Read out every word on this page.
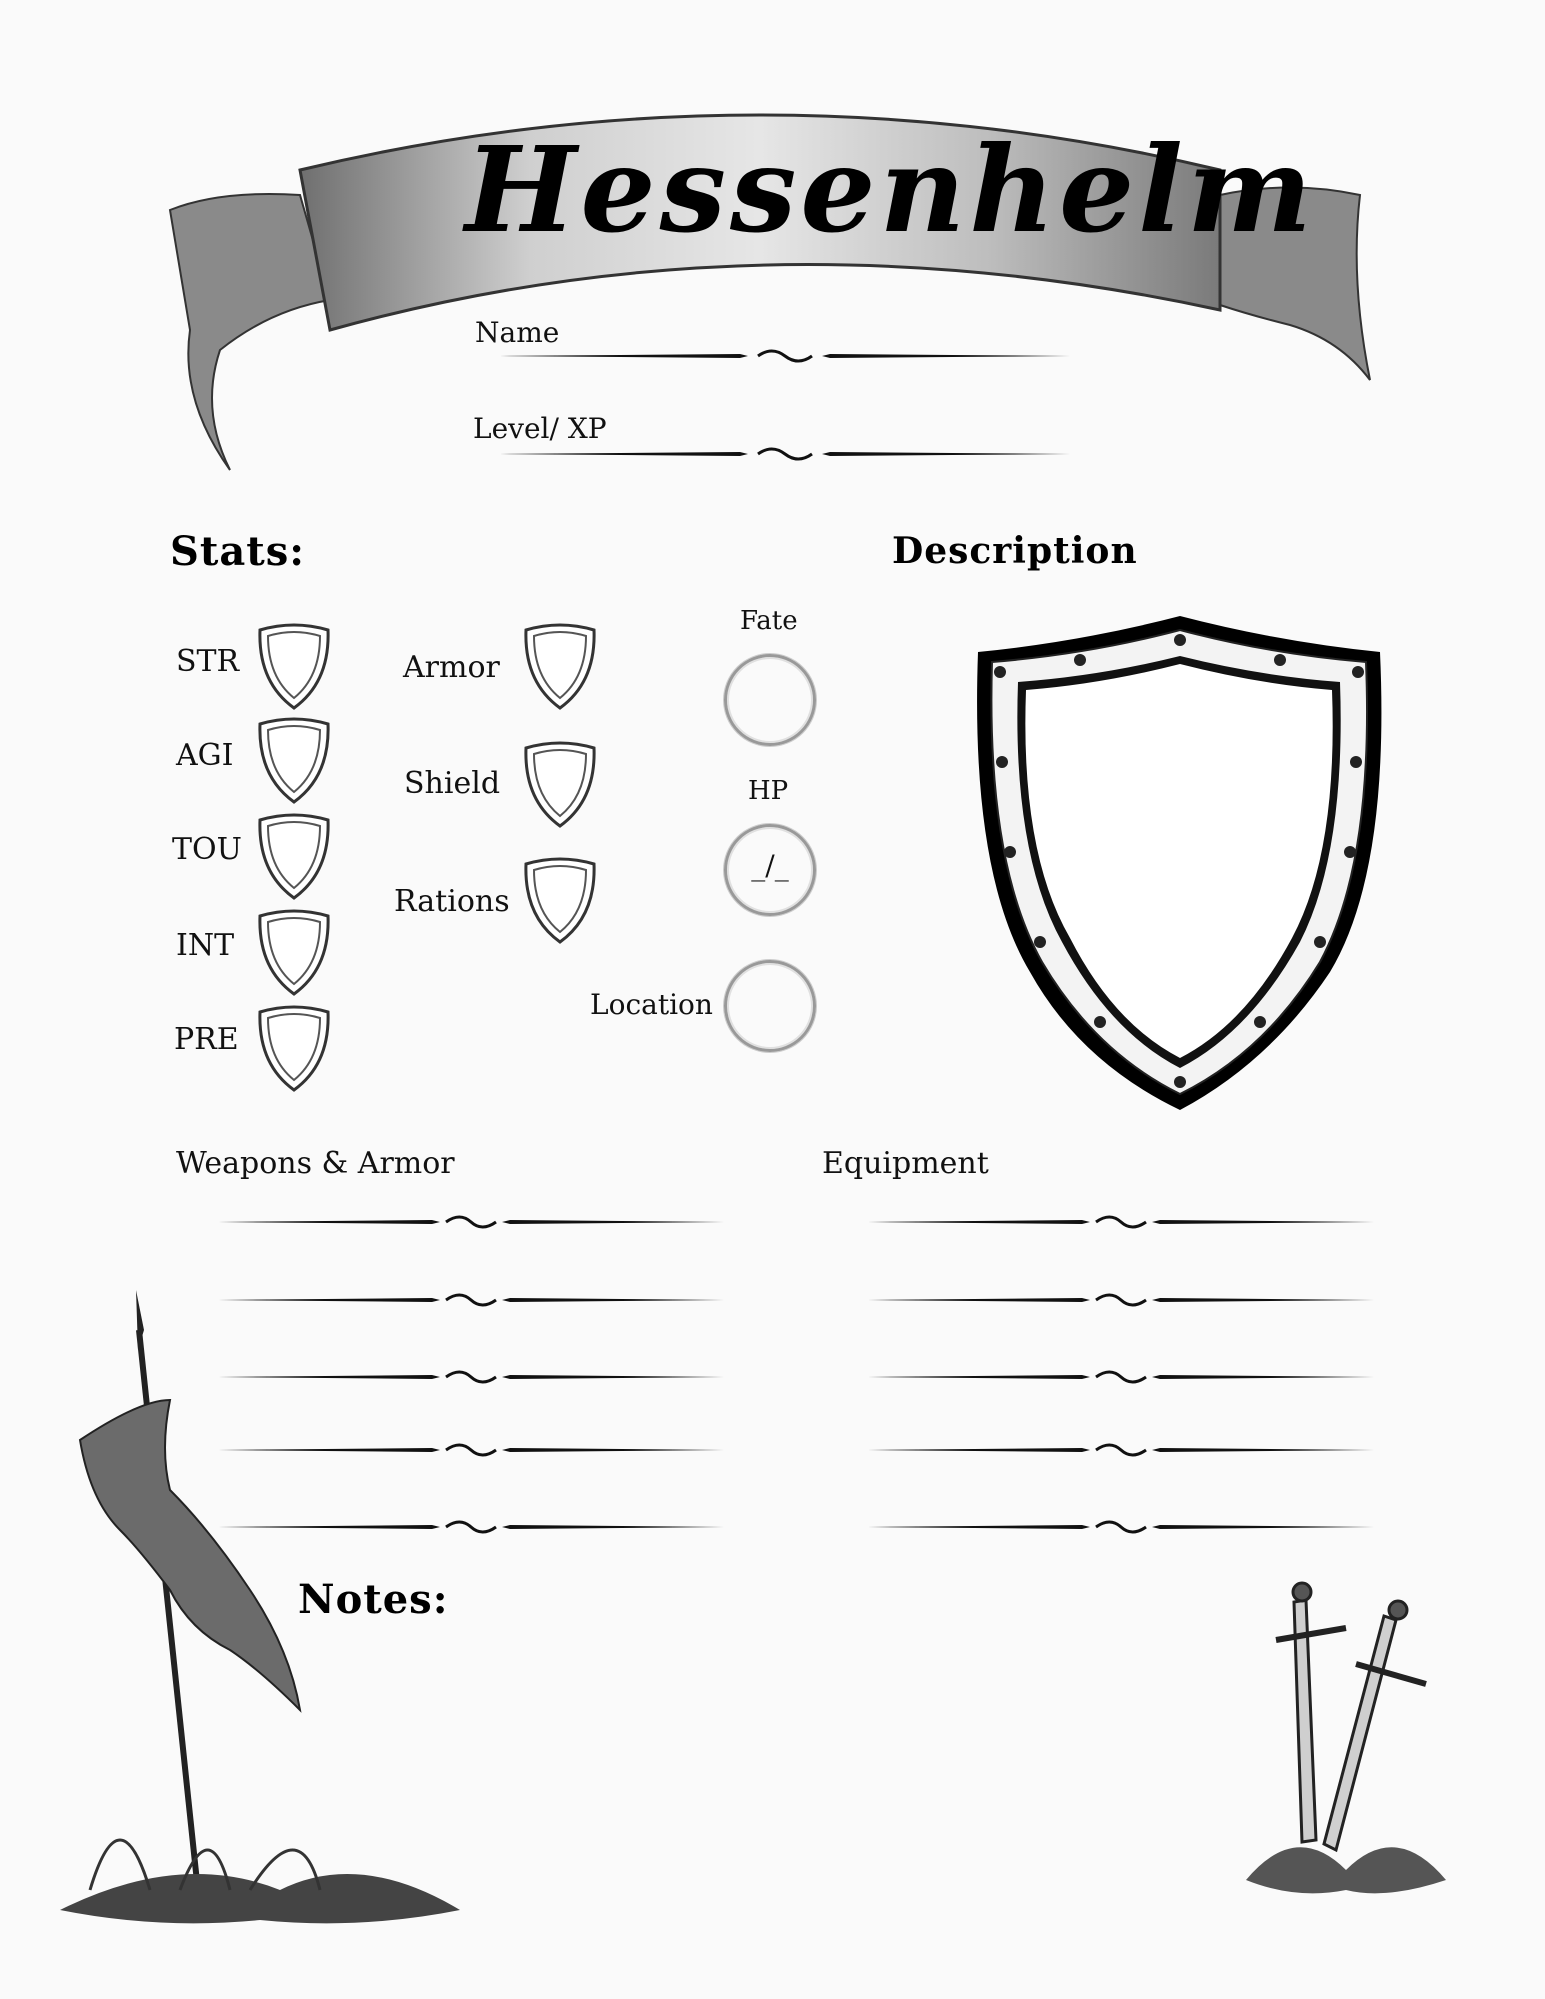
Hessenhelm
Name
Level/ XP
Stats:	Description
STR
AGI
TOU
INT
PRE
Armor
Shield
Rations
Fate
HP
_/_
Location
Weapons & Armor	Equipment
Notes:
